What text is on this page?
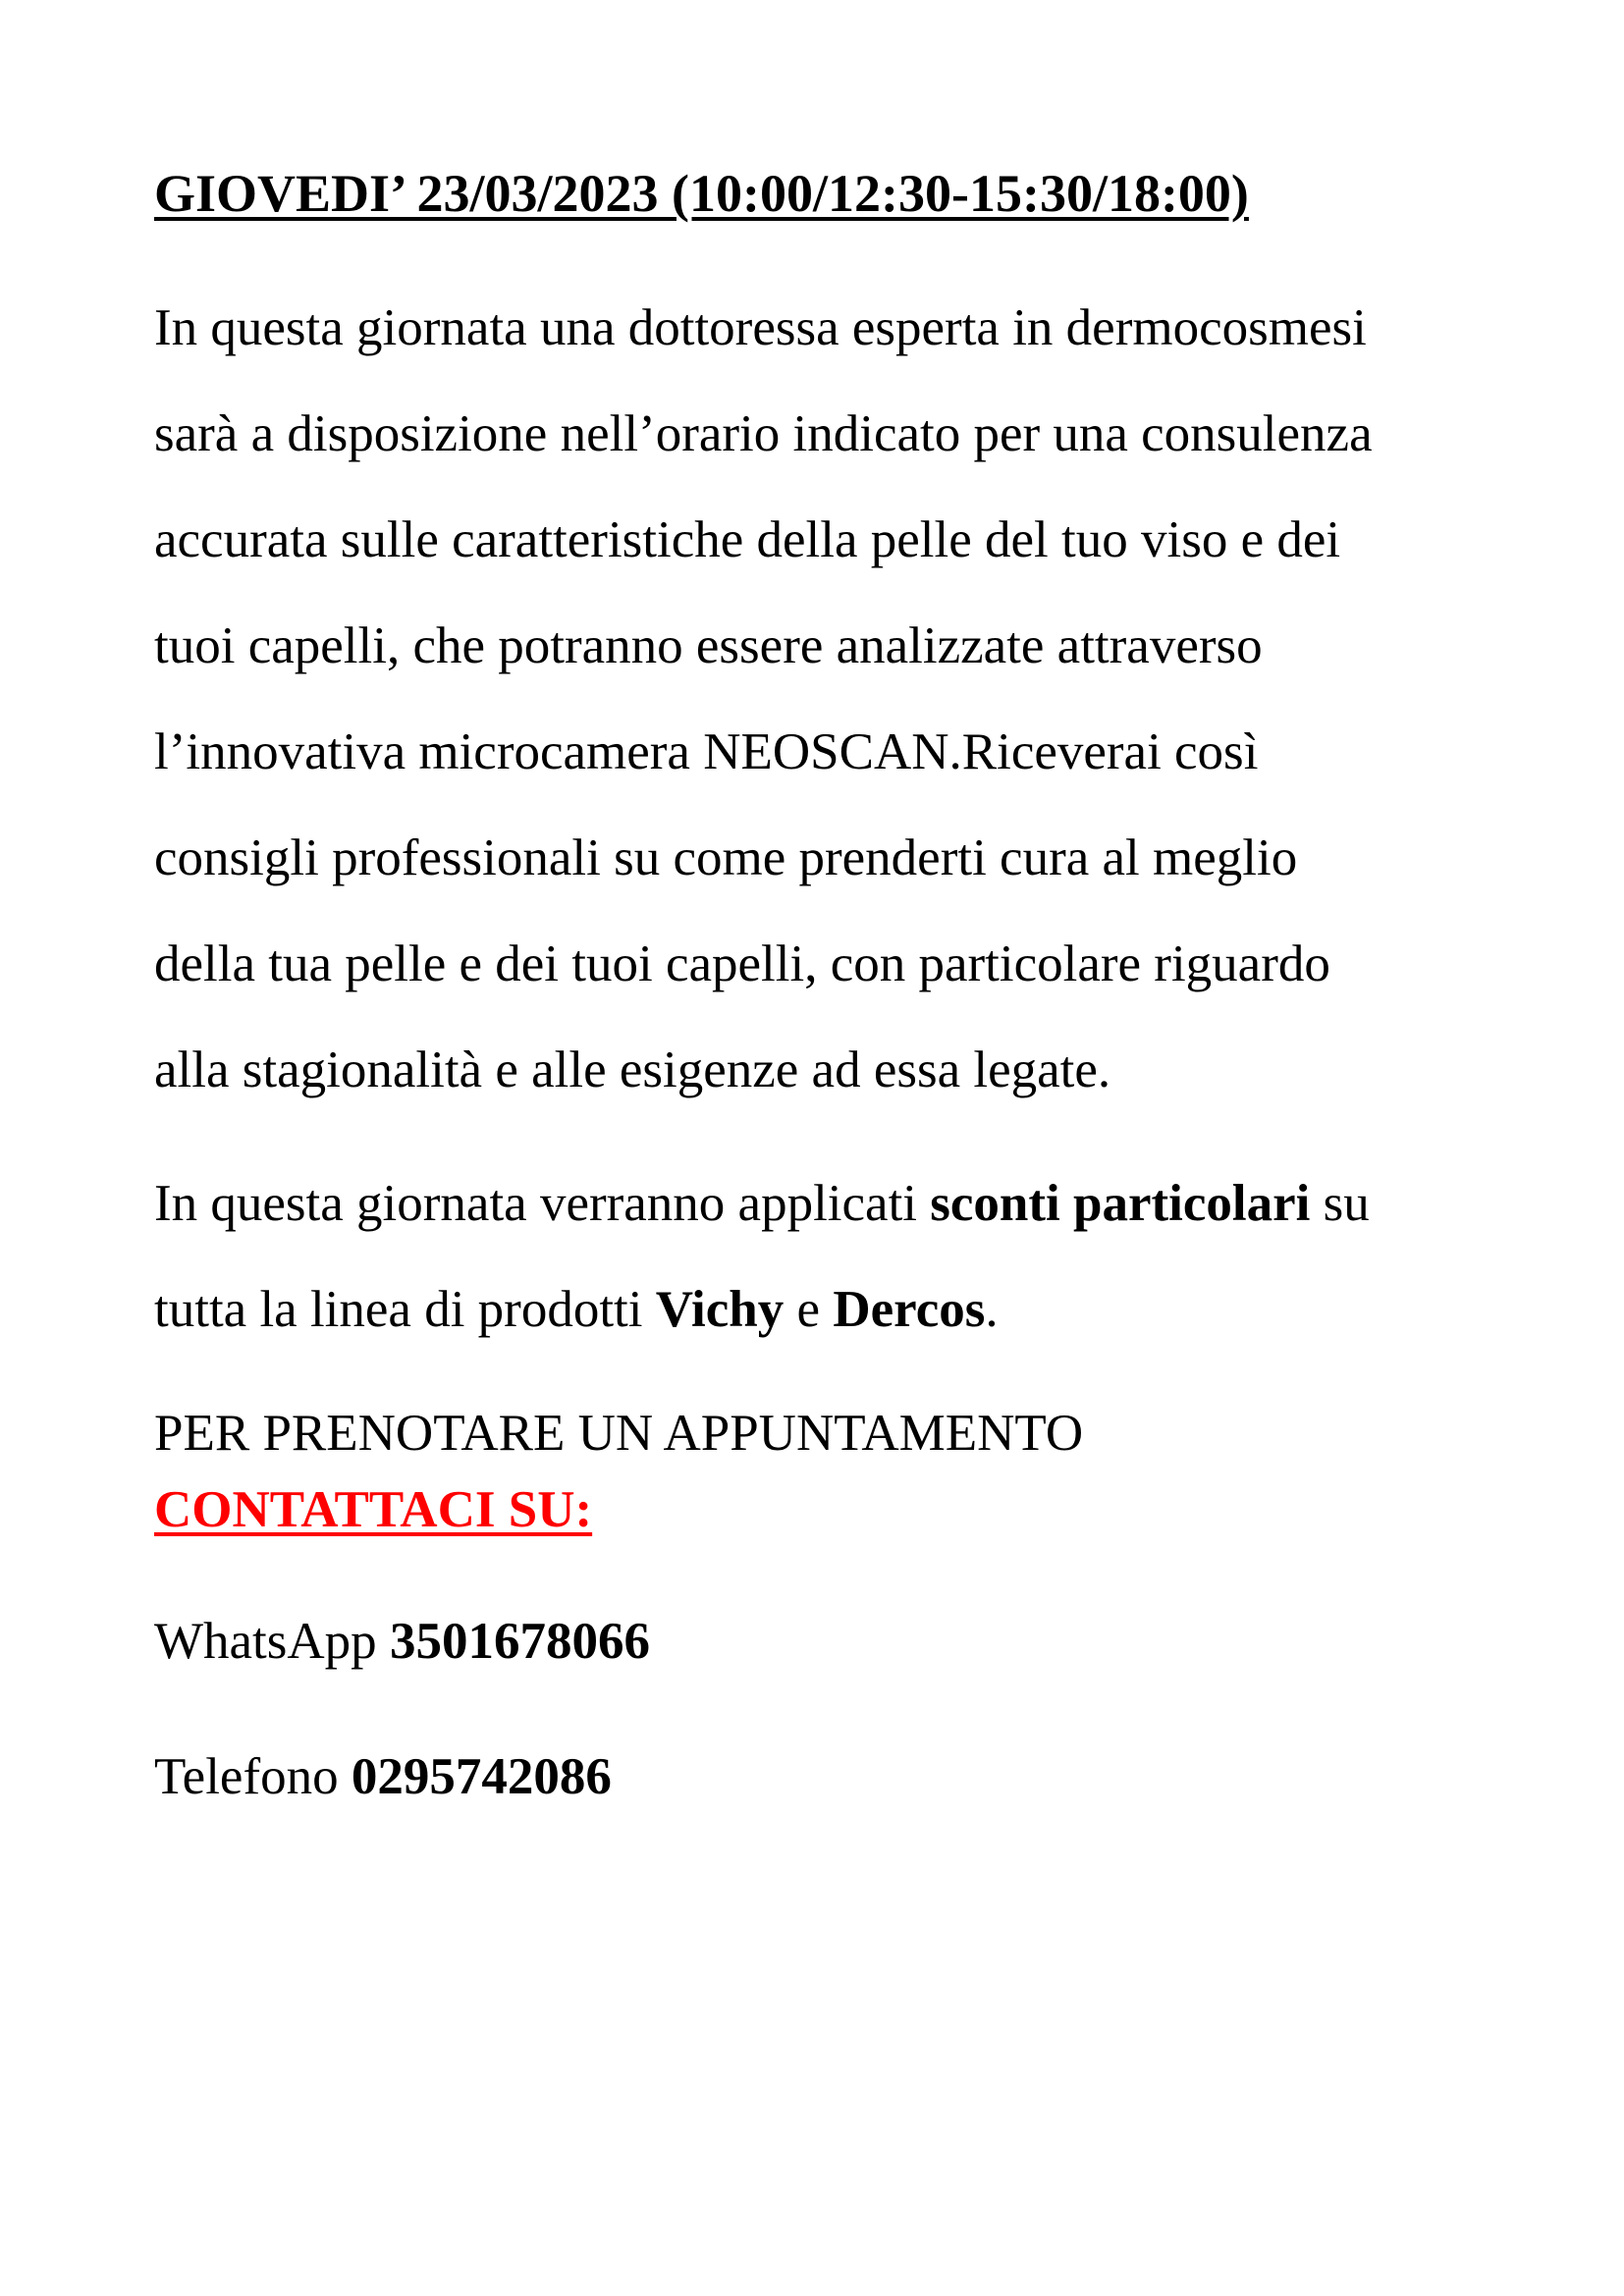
GIOVEDI’ 23/03/2023 (10:00/12:30-15:30/18:00)
In questa giornata una dottoressa esperta in dermocosmesi
sarà a disposizione nell’orario indicato per una consulenza
accurata sulle caratteristiche della pelle del tuo viso e dei
tuoi capelli, che potranno essere analizzate attraverso
l’innovativa microcamera NEOSCAN.Riceverai così
consigli professionali su come prenderti cura al meglio
della tua pelle e dei tuoi capelli, con particolare riguardo
alla stagionalità e alle esigenze ad essa legate.
In questa giornata verranno applicati sconti particolari su
tutta la linea di prodotti Vichy e Dercos.
PER PRENOTARE UN APPUNTAMENTO
CONTATTACI SU:
WhatsApp 3501678066
Telefono 0295742086
